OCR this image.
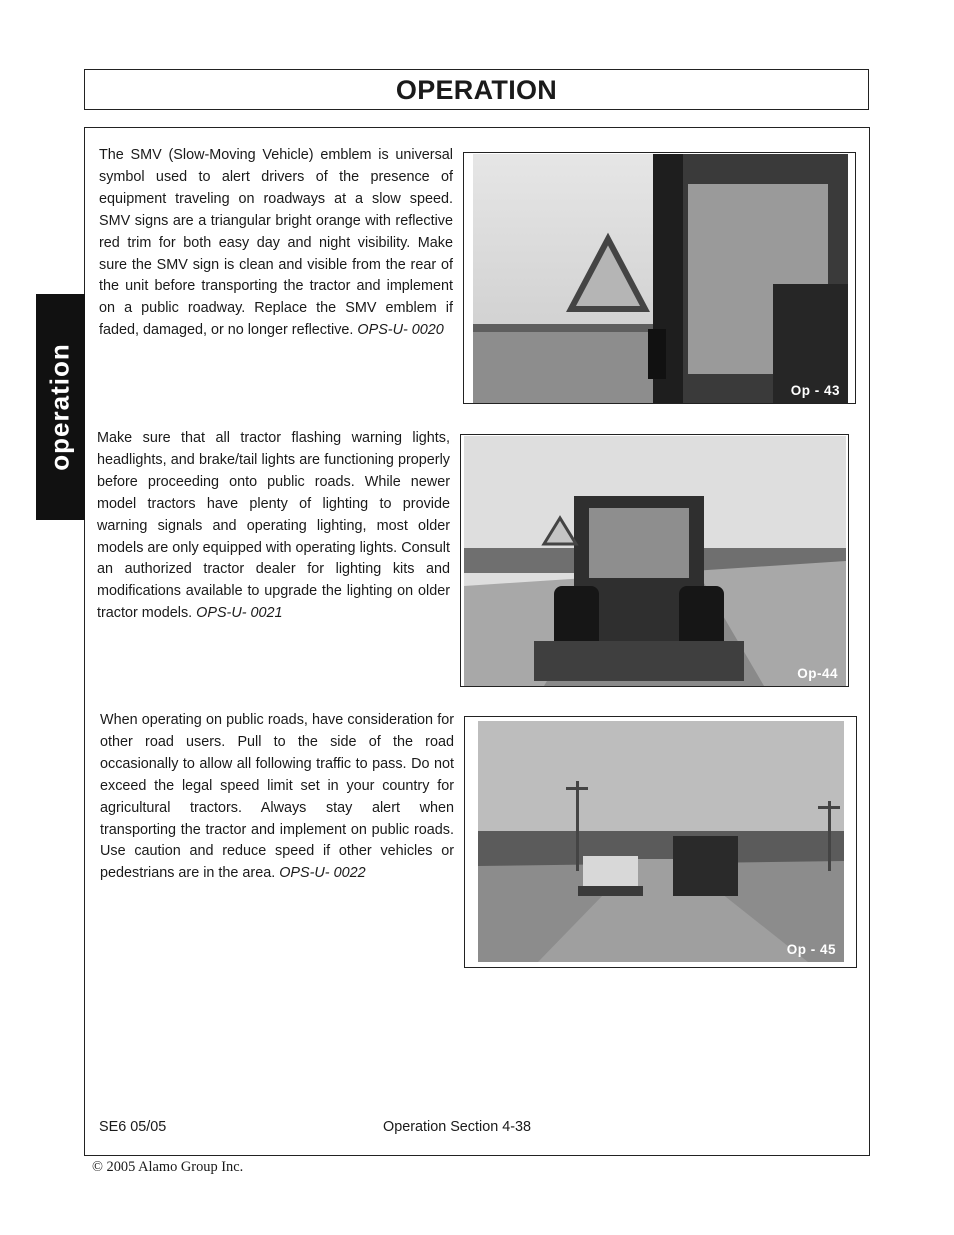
OPERATION
operation
The SMV (Slow-Moving Vehicle) emblem is universal symbol used to alert drivers of the presence of equipment traveling on roadways at a slow speed. SMV signs are a triangular bright orange with reflective red trim for both easy day and night visibility. Make sure the SMV sign is clean and visible from the rear of the unit before transporting the tractor and implement on a public roadway. Replace the SMV emblem if faded, damaged, or no longer reflective. OPS-U- 0020
Op - 43
Make sure that all tractor flashing warning lights, headlights, and brake/tail lights are functioning properly before proceeding onto public roads. While newer model tractors have plenty of lighting to provide warning signals and operating lighting, most older models are only equipped with operating lights. Consult an authorized tractor dealer for lighting kits and modifications available to upgrade the lighting on older tractor models. OPS-U- 0021
Op-44
When operating on public roads, have consideration for other road users. Pull to the side of the road occasionally to allow all following traffic to pass. Do not exceed the legal speed limit set in your country for agricultural tractors. Always stay alert when transporting the tractor and implement on public roads. Use caution and reduce speed if other vehicles or pedestrians are in the area. OPS-U- 0022
Op - 45
SE6 05/05	Operation Section 4-38
© 2005 Alamo Group Inc.
